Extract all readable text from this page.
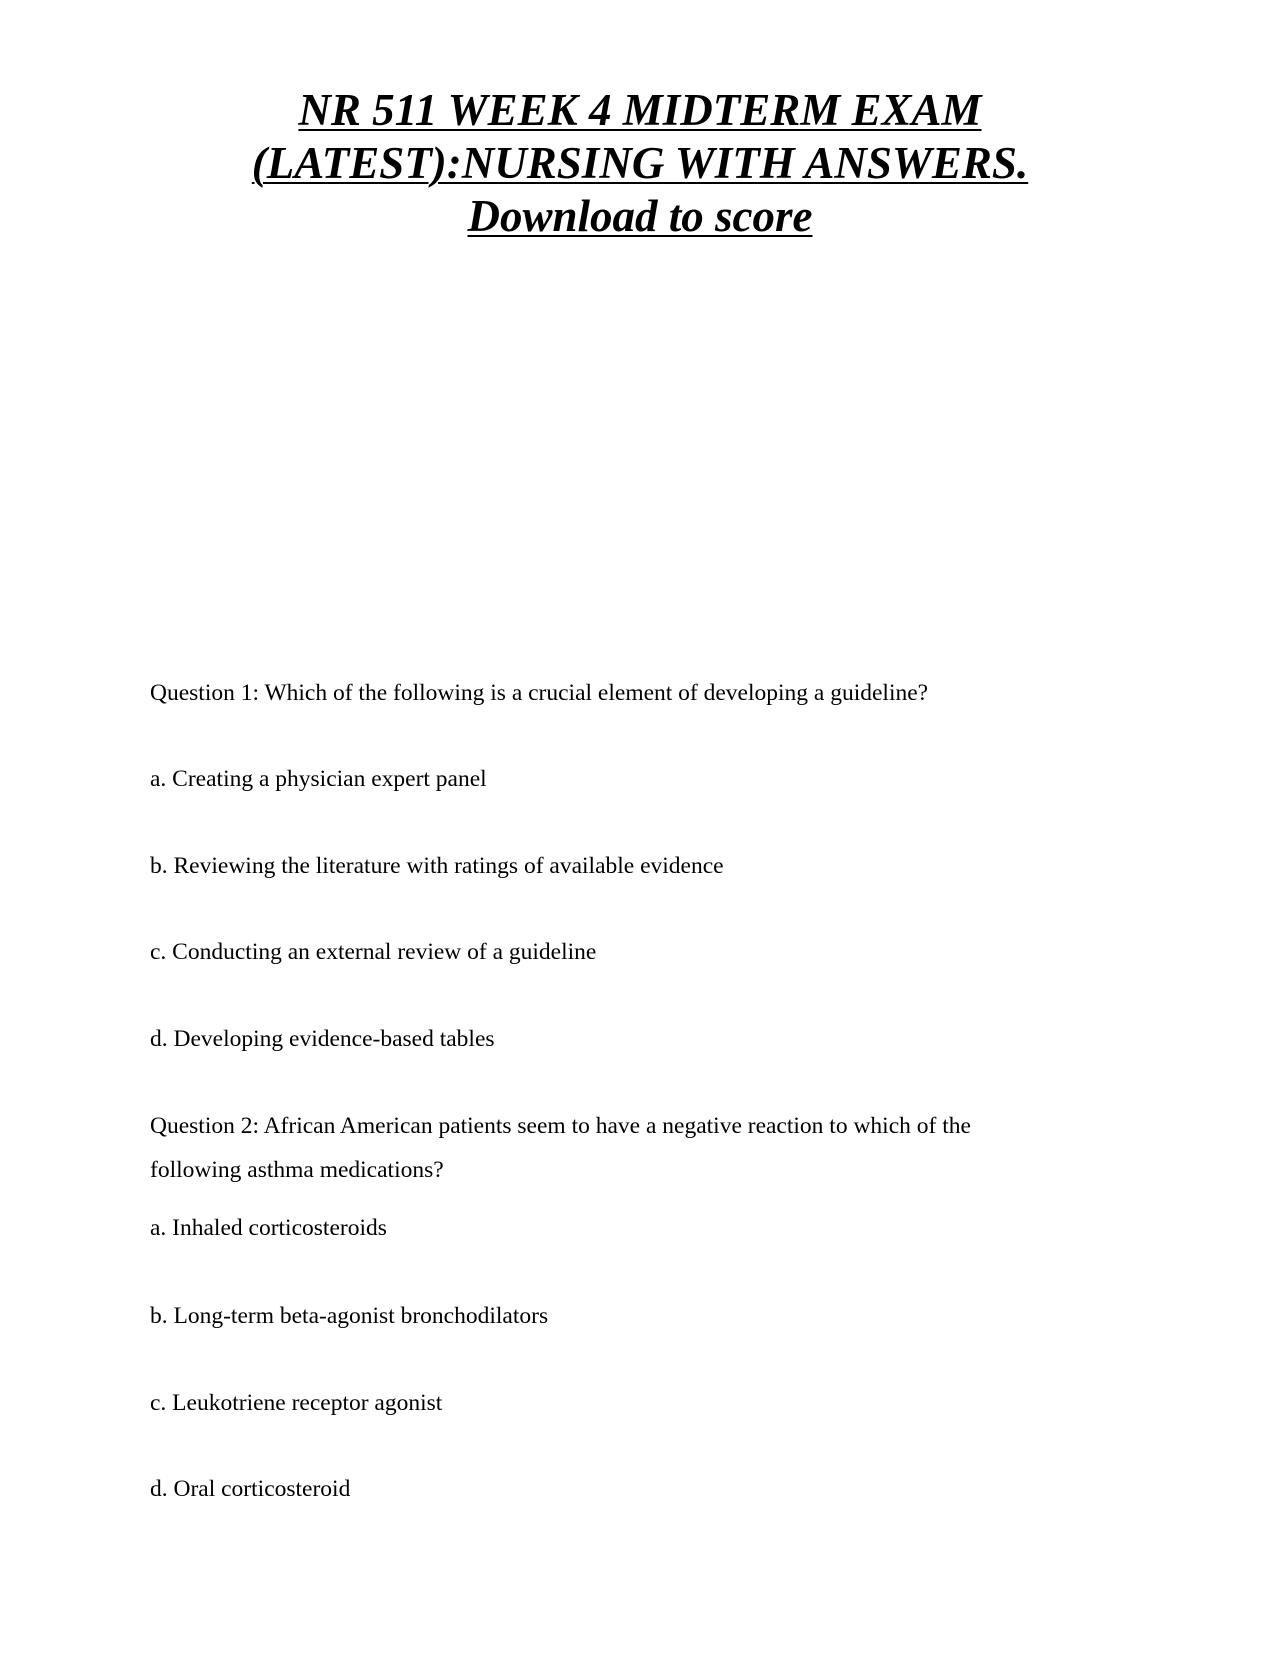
NR 511 WEEK 4 MIDTERM EXAM
(LATEST):NURSING WITH ANSWERS.
Download to score
Question 1: Which of the following is a crucial element of developing a guideline?
a. Creating a physician expert panel
b. Reviewing the literature with ratings of available evidence
c. Conducting an external review of a guideline
d. Developing evidence-based tables
Question 2: African American patients seem to have a negative reaction to which of the
following asthma medications?
a. Inhaled corticosteroids
b. Long-term beta-agonist bronchodilators
c. Leukotriene receptor agonist
d. Oral corticosteroid
